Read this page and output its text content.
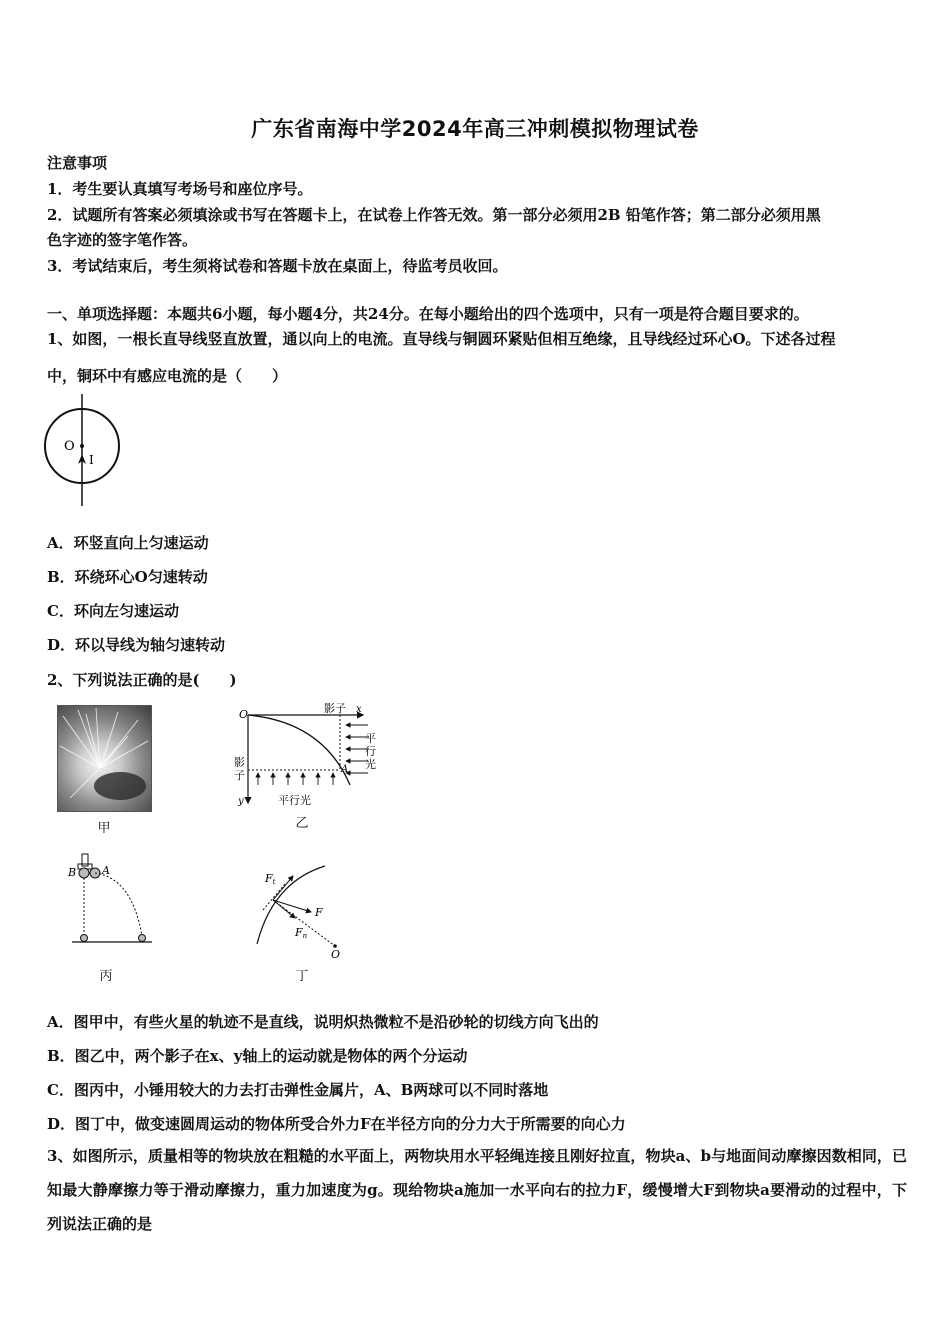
广东省南海中学2024年高三冲刺模拟物理试卷
注意事项
1．考生要认真填写考场号和座位序号。
2．试题所有答案必须填涂或书写在答题卡上，在试卷上作答无效。第一部分必须用2B 铅笔作答；第二部分必须用黑
色字迹的签字笔作答。
3．考试结束后，考生须将试卷和答题卡放在桌面上，待监考员收回。
一、单项选择题：本题共6小题，每小题4分，共24分。在每小题给出的四个选项中，只有一项是符合题目要求的。
1、如图，一根长直导线竖直放置，通以向上的电流。直导线与铜圆环紧贴但相互绝缘，且导线经过环心O。下述各过程
中，铜环中有感应电流的是（　　）
O
I
A．环竖直向上匀速运动
B．环绕环心O匀速转动
C．环向左匀速运动
D．环以导线为轴匀速转动
2、下列说法正确的是(　　)
甲
O	影子 x
平
行
光
影
子	A
y	平行光
乙
B A
丙
Ft
F
Fn
O
丁
A．图甲中，有些火星的轨迹不是直线，说明炽热微粒不是沿砂轮的切线方向飞出的
B．图乙中，两个影子在x、y轴上的运动就是物体的两个分运动
C．图丙中，小锤用较大的力去打击弹性金属片，A、B两球可以不同时落地
D．图丁中，做变速圆周运动的物体所受合外力F在半径方向的分力大于所需要的向心力
3、如图所示，质量相等的物块放在粗糙的水平面上，两物块用水平轻绳连接且刚好拉直，物块a、b与地面间动摩擦因数相同，已知最大静摩擦力等于滑动摩擦力，重力加速度为g。现给物块a施加一水平向右的拉力F，缓慢增大F到物块a要滑动的过程中，下列说法正确的是
